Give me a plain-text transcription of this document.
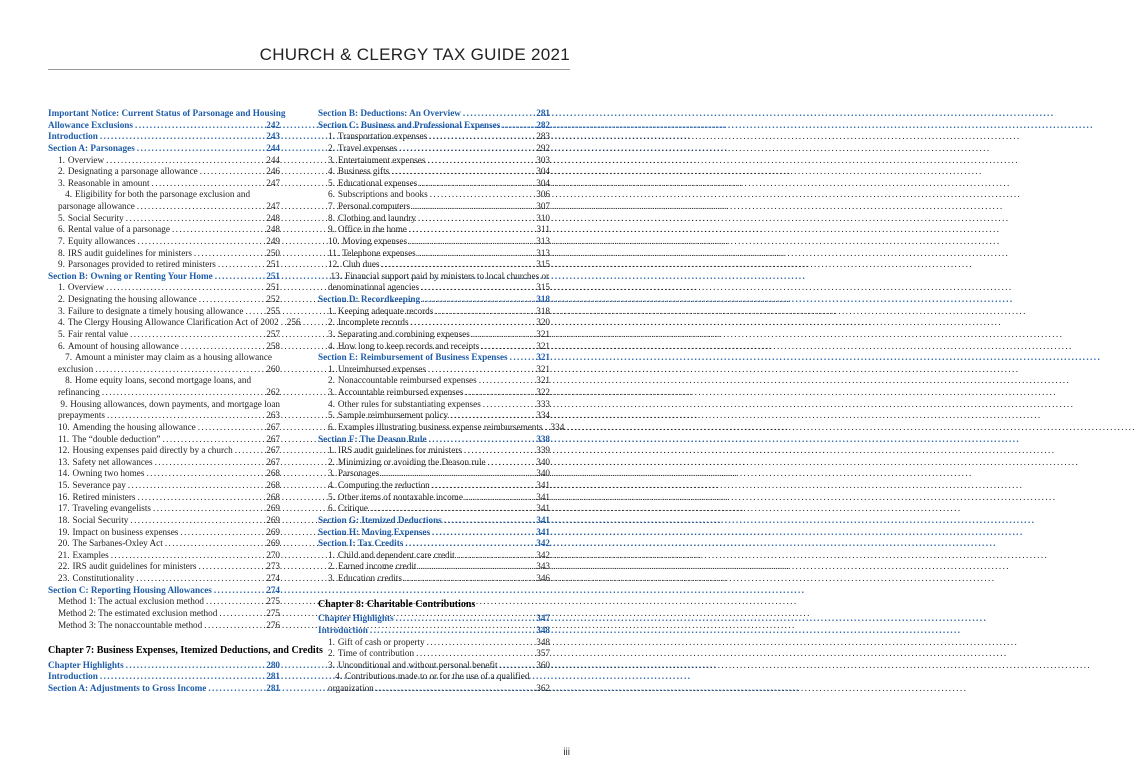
CHURCH & CLERGY TAX GUIDE 2021
Important Notice: Current Status of Parsonage and Housing
Allowance Exclusions .....	242
Introduction .....	243
Section A: Parsonages .....	244
1. Overview .....	244
2. Designating a parsonage allowance .....	246
3. Reasonable in amount .....	247
4. Eligibility for both the parsonage exclusion and
parsonage allowance .....	247
5. Social Security .....	248
6. Rental value of a parsonage .....	248
7. Equity allowances .....	249
8. IRS audit guidelines for ministers .....	250
9. Parsonages provided to retired ministers .....	251
Section B: Owning or Renting Your Home .....	251
1. Overview .....	251
2. Designating the housing allowance .....	252
3. Failure to designate a timely housing allowance ..... 255
4. The Clergy Housing Allowance Clarification Act of 2002 ..... 256
5. Fair rental value .....	257
6. Amount of housing allowance .....	258
7. Amount a minister may claim as a housing allowance
exclusion .....	260
8. Home equity loans, second mortgage loans, and
refinancing .....	262
9. Housing allowances, down payments, and mortgage loan
prepayments .....	263
10. Amending the housing allowance .....	267
11. The “double deduction” .....	267
12. Housing expenses paid directly by a church .....	267
13. Safety net allowances .....	267
14. Owning two homes .....	268
15. Severance pay .....	268
16. Retired ministers .....	268
17. Traveling evangelists .....	269
18. Social Security .....	269
19. Impact on business expenses .....	269
20. The Sarbanes-Oxley Act .....	269
21. Examples .....	270
22. IRS audit guidelines for ministers .....	273
23. Constitutionality .....	274
Section C: Reporting Housing Allowances .....	274
Method 1: The actual exclusion method .....	275
Method 2: The estimated exclusion method .....	275
Method 3: The nonaccountable method .....	276
Chapter 7: Business Expenses, Itemized Deductions, and Credits
Chapter Highlights .....	280
Introduction .....	281
Section A: Adjustments to Gross Income .....	281
Section B: Deductions: An Overview .....	281
Section C: Business and Professional Expenses .....	282
1. Transportation expenses .....	283
2. Travel expenses .....	292
3. Entertainment expenses .....	303
4. Business gifts .....	304
5. Educational expenses .....	304
6. Subscriptions and books .....	306
7. Personal computers .....	307
8. Clothing and laundry .....	310
9. Office in the home .....	311
10. Moving expenses .....	313
11. Telephone expenses .....	313
12. Club dues .....	315
13. Financial support paid by ministers to local churches or
denominational agencies .....	315
Section D: Recordkeeping .....	318
1. Keeping adequate records .....	318
2. Incomplete records .....	320
3. Separating and combining expenses .....	321
4. How long to keep records and receipts .....	321
Section E: Reimbursement of Business Expenses .....	321
1. Unreimbursed expenses .....	321
2. Nonaccountable reimbursed expenses .....	321
3. Accountable reimbursed expenses .....	322
4. Other rules for substantiating expenses .....	333
5. Sample reimbursement policy .....	334
6. Examples illustrating business expense reimbursements ..... 334
Section F: The Deason Rule .....	338
1. IRS audit guidelines for ministers .....	339
2. Minimizing or avoiding the Deason rule .....	340
3. Parsonages .....	340
4. Computing the reduction .....	341
5. Other items of nontaxable income .....	341
6. Critique .....	341
Section G: Itemized Deductions .....	341
Section H: Moving Expenses .....	341
Section I: Tax Credits .....	342
1. Child and dependent care credit .....	342
2. Earned income credit .....	343
3. Education credits .....	346
Chapter 8: Charitable Contributions
Chapter Highlights .....	347
Introduction .....	348
1. Gift of cash or property .....	348
2. Time of contribution .....	357
3. Unconditional and without personal benefit .....	360
4. Contributions made to or for the use of a qualified
organization .....	362
iii
